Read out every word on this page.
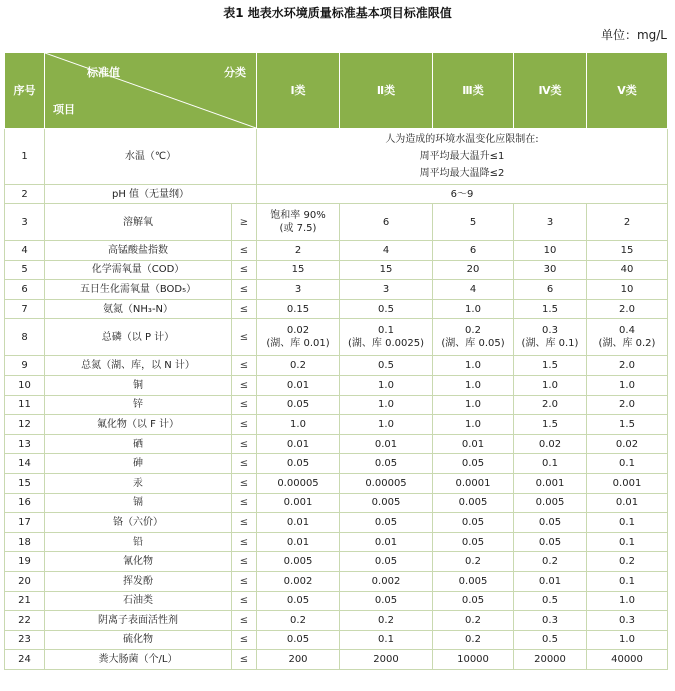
表1 地表水环境质量标准基本项目标准限值
单位：mg/L
序号	标准值 分类
项目		Ⅰ类	Ⅱ类	Ⅲ类	Ⅳ类	Ⅴ类
1	水温（℃）		人为造成的环境水温变化应限制在:
周平均最大温升≤1
周平均最大温降≤2				
2	pH 值（无量纲）		6～9				
3	溶解氧	≥	饱和率 90%
(或 7.5)	6	5	3	2
4	高锰酸盐指数	≤	2	4	6	10	15
5	化学需氧量（COD）	≤	15	15	20	30	40
6	五日生化需氧量（BOD₅）	≤	3	3	4	6	10
7	氨氮（NH₃-N）	≤	0.15	0.5	1.0	1.5	2.0
8	总磷（以 P 计）	≤	0.02
(湖、库 0.01)	0.1
(湖、库 0.0025)	0.2
(湖、库 0.05)	0.3
(湖、库 0.1)	0.4
(湖、库 0.2)
9	总氮（湖、库，以 N 计）	≤	0.2	0.5	1.0	1.5	2.0
10	铜	≤	0.01	1.0	1.0	1.0	1.0
11	锌	≤	0.05	1.0	1.0	2.0	2.0
12	氟化物（以 F 计）	≤	1.0	1.0	1.0	1.5	1.5
13	硒	≤	0.01	0.01	0.01	0.02	0.02
14	砷	≤	0.05	0.05	0.05	0.1	0.1
15	汞	≤	0.00005	0.00005	0.0001	0.001	0.001
16	镉	≤	0.001	0.005	0.005	0.005	0.01
17	铬（六价）	≤	0.01	0.05	0.05	0.05	0.1
18	铅	≤	0.01	0.01	0.05	0.05	0.1
19	氰化物	≤	0.005	0.05	0.2	0.2	0.2
20	挥发酚	≤	0.002	0.002	0.005	0.01	0.1
21	石油类	≤	0.05	0.05	0.05	0.5	1.0
22	阴离子表面活性剂	≤	0.2	0.2	0.2	0.3	0.3
23	硫化物	≤	0.05	0.1	0.2	0.5	1.0
24	粪大肠菌（个/L）	≤	200	2000	10000	20000	40000
